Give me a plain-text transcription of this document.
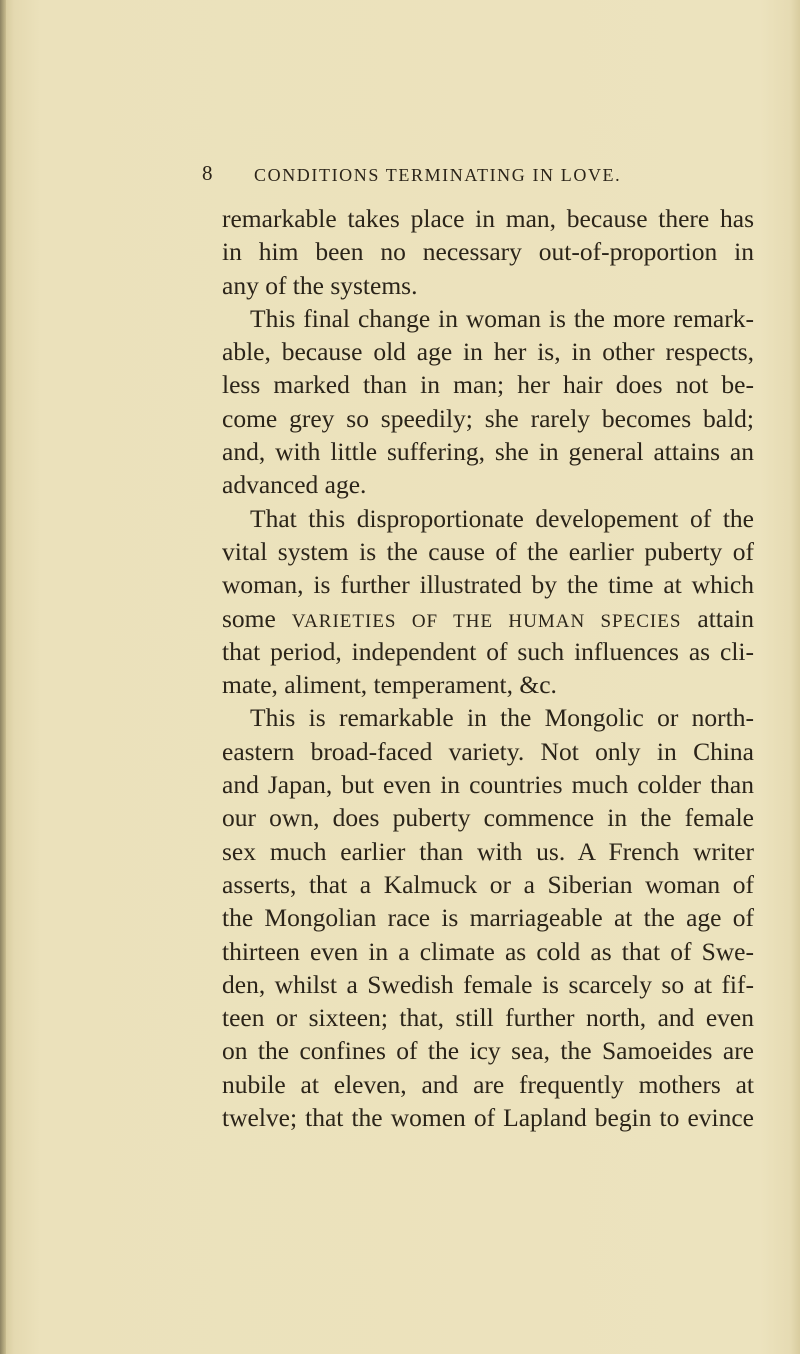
8 CONDITIONS TERMINATING IN LOVE.
remarkable takes place in man, because there has
in him been no necessary out-of-proportion in
any of the systems.
This final change in woman is the more remark-
able, because old age in her is, in other respects,
less marked than in man; her hair does not be-
come grey so speedily; she rarely becomes bald;
and, with little suffering, she in general attains an
advanced age.
That this disproportionate developement of the
vital system is the cause of the earlier puberty of
woman, is further illustrated by the time at which
some VARIETIES OF THE HUMAN SPECIES attain
that period, independent of such influences as cli-
mate, aliment, temperament, &c.
This is remarkable in the Mongolic or north-
eastern broad-faced variety. Not only in China
and Japan, but even in countries much colder than
our own, does puberty commence in the female
sex much earlier than with us. A French writer
asserts, that a Kalmuck or a Siberian woman of
the Mongolian race is marriageable at the age of
thirteen even in a climate as cold as that of Swe-
den, whilst a Swedish female is scarcely so at fif-
teen or sixteen; that, still further north, and even
on the confines of the icy sea, the Samoeides are
nubile at eleven, and are frequently mothers at
twelve; that the women of Lapland begin to evince
